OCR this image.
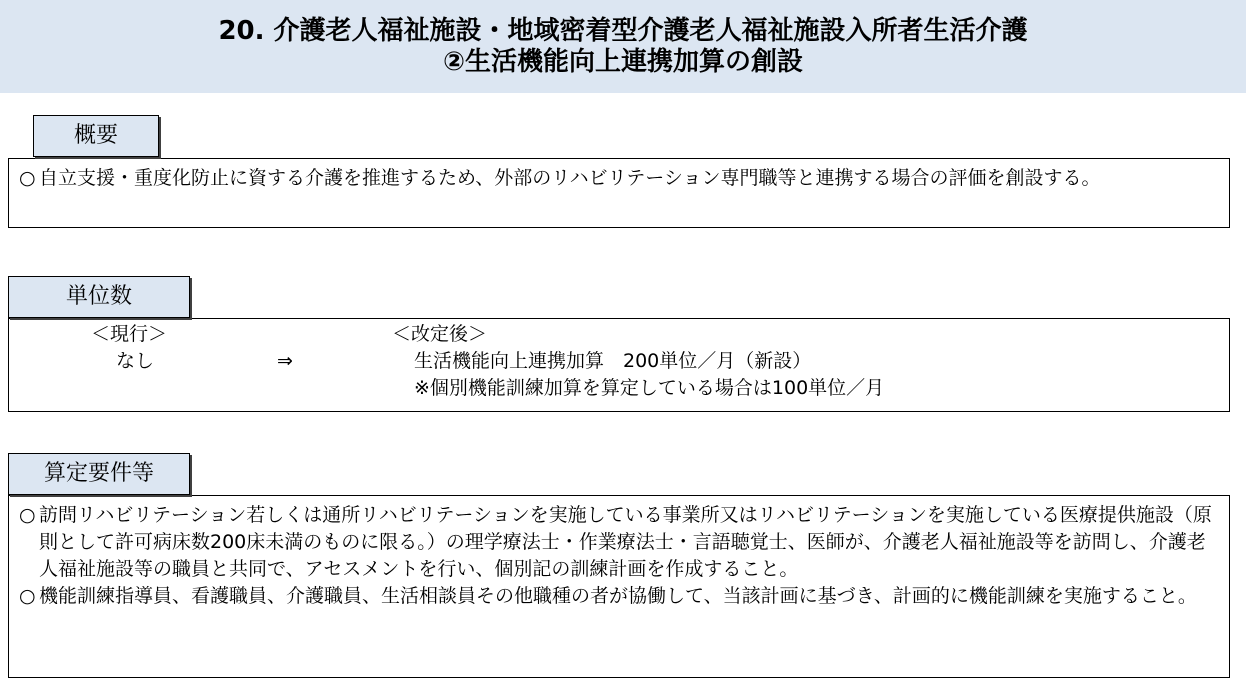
20. 介護老人福祉施設・地域密着型介護老人福祉施設入所者生活介護
②生活機能向上連携加算の創設
概要
○ 自立支援・重度化防止に資する介護を推進するため、外部のリハビリテーション専門職等と連携する場合の評価を創設する。
単位数
＜現行＞
なし	⇒
＜改定後＞
生活機能向上連携加算　200単位／月（新設）
※個別機能訓練加算を算定している場合は100単位／月
算定要件等
○ 訪問リハビリテーション若しくは通所リハビリテーションを実施している事業所又はリハビリテーションを実施している医療提供施設（原則として許可病床数200床未満のものに限る。）の理学療法士・作業療法士・言語聴覚士、医師が、介護老人福祉施設等を訪問し、介護老人福祉施設等の職員と共同で、アセスメントを行い、個別記の訓練計画を作成すること。
○ 機能訓練指導員、看護職員、介護職員、生活相談員その他職種の者が協働して、当該計画に基づき、計画的に機能訓練を実施すること。
